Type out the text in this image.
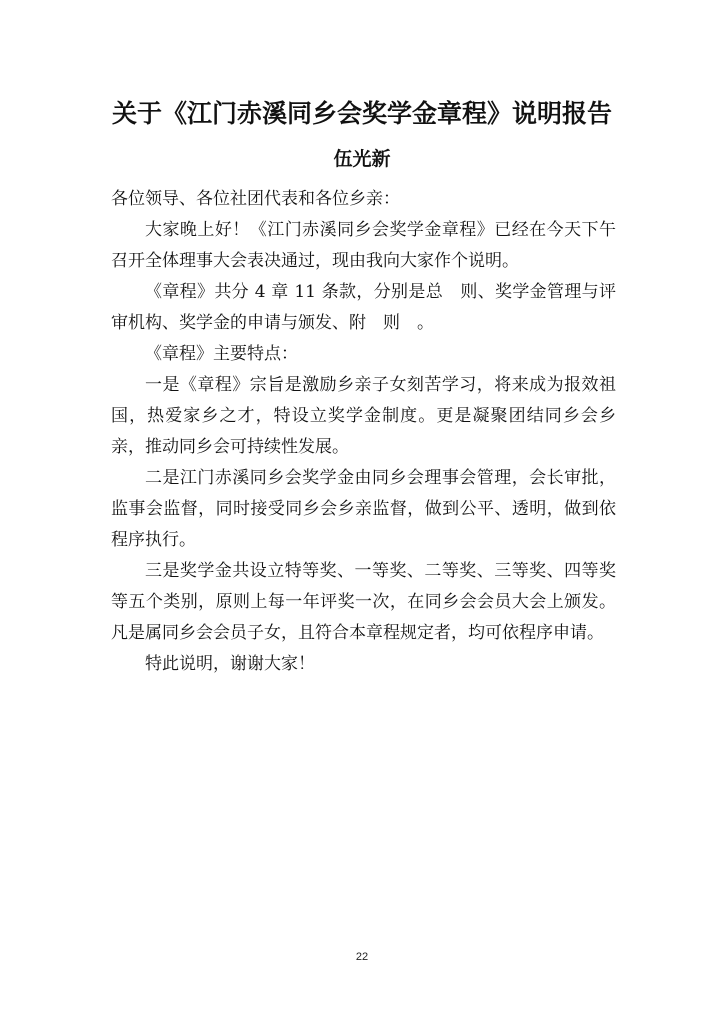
关于《江门赤溪同乡会奖学金章程》说明报告
伍光新

各位领导、各位社团代表和各位乡亲：

大家晚上好！《江门赤溪同乡会奖学金章程》已经在今天下午召开全体理事大会表决通过，现由我向大家作个说明。

《章程》共分 4 章 11 条款，分别是总　则、奖学金管理与评审机构、奖学金的申请与颁发、附　则　。

《章程》主要特点：

一是《章程》宗旨是激励乡亲子女刻苦学习，将来成为报效祖国，热爱家乡之才，特设立奖学金制度。更是凝聚团结同乡会乡亲，推动同乡会可持续性发展。

二是江门赤溪同乡会奖学金由同乡会理事会管理，会长审批，监事会监督，同时接受同乡会乡亲监督，做到公平、透明，做到依程序执行。

三是奖学金共设立特等奖、一等奖、二等奖、三等奖、四等奖等五个类别，原则上每一年评奖一次，在同乡会会员大会上颁发。凡是属同乡会会员子女，且符合本章程规定者，均可依程序申请。

特此说明，谢谢大家！

22
